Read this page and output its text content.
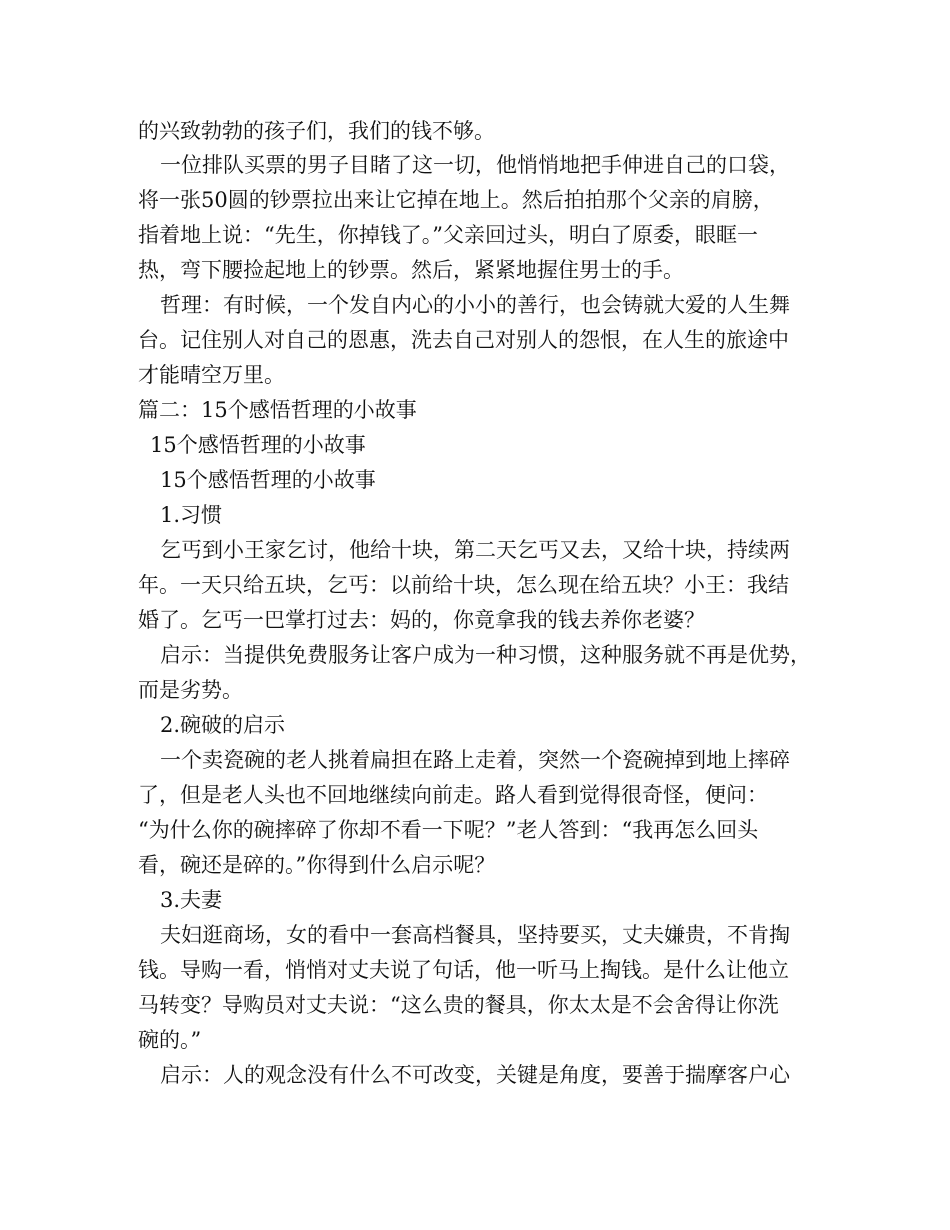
的兴致勃勃的孩子们，我们的钱不够。
一位排队买票的男子目睹了这一切，他悄悄地把手伸进自己的口袋，
将一张50圆的钞票拉出来让它掉在地上。然后拍拍那个父亲的肩膀，
指着地上说：“先生，你掉钱了。”父亲回过头，明白了原委，眼眶一
热，弯下腰捡起地上的钞票。然后，紧紧地握住男士的手。
哲理：有时候，一个发自内心的小小的善行，也会铸就大爱的人生舞
台。记住别人对自己的恩惠，洗去自己对别人的怨恨，在人生的旅途中
才能晴空万里。
篇二：15个感悟哲理的小故事
15个感悟哲理的小故事
15个感悟哲理的小故事
1.习惯
乞丐到小王家乞讨，他给十块，第二天乞丐又去，又给十块，持续两
年。一天只给五块，乞丐：以前给十块，怎么现在给五块？小王：我结
婚了。乞丐一巴掌打过去：妈的，你竟拿我的钱去养你老婆？
启示：当提供免费服务让客户成为一种习惯，这种服务就不再是优势，
而是劣势。
2.碗破的启示
一个卖瓷碗的老人挑着扁担在路上走着，突然一个瓷碗掉到地上摔碎
了，但是老人头也不回地继续向前走。路人看到觉得很奇怪，便问：
“为什么你的碗摔碎了你却不看一下呢？”老人答到：“我再怎么回头
看，碗还是碎的。”你得到什么启示呢？
3.夫妻
夫妇逛商场，女的看中一套高档餐具，坚持要买，丈夫嫌贵，不肯掏
钱。导购一看，悄悄对丈夫说了句话，他一听马上掏钱。是什么让他立
马转变？导购员对丈夫说：“这么贵的餐具，你太太是不会舍得让你洗
碗的。”
启示：人的观念没有什么不可改变，关键是角度，要善于揣摩客户心
